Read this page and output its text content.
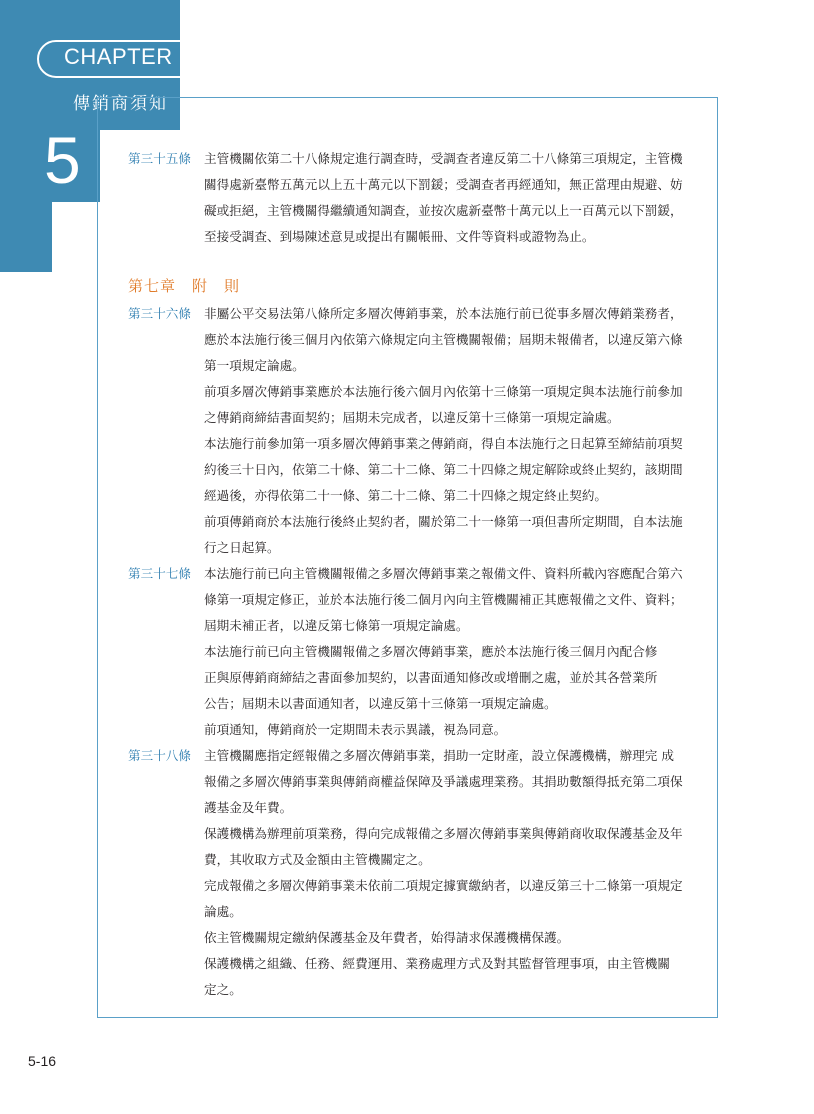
CHAPTER
傳銷商須知
5	第三十五條	主管機關依第二十八條規定進行調查時，受調查者違反第二十八條第三項規定，主管機
關得處新臺幣五萬元以上五十萬元以下罰鍰；受調查者再經通知，無正當理由規避、妨
礙或拒絕，主管機關得繼續通知調查，並按次處新臺幣十萬元以上一百萬元以下罰鍰，
至接受調查、到場陳述意見或提出有關帳冊、文件等資料或證物為止。

第七章　附　則
第三十六條	非屬公平交易法第八條所定多層次傳銷事業，於本法施行前已從事多層次傳銷業務者，
應於本法施行後三個月內依第六條規定向主管機關報備；屆期未報備者，以違反第六條
第一項規定論處。

前項多層次傳銷事業應於本法施行後六個月內依第十三條第一項規定與本法施行前參加
之傳銷商締結書面契約；屆期未完成者，以違反第十三條第一項規定論處。

本法施行前參加第一項多層次傳銷事業之傳銷商，得自本法施行之日起算至締結前項契
約後三十日內，依第二十條、第二十二條、第二十四條之規定解除或終止契約，該期間
經過後，亦得依第二十一條、第二十二條、第二十四條之規定終止契約。

前項傳銷商於本法施行後終止契約者，關於第二十一條第一項但書所定期間，自本法施
行之日起算。

第三十七條	本法施行前已向主管機關報備之多層次傳銷事業之報備文件、資料所載內容應配合第六
條第一項規定修正，並於本法施行後二個月內向主管機關補正其應報備之文件、資料；
屆期未補正者，以違反第七條第一項規定論處。

本法施行前已向主管機關報備之多層次傳銷事業，應於本法施行後三個月內配合修
正與原傳銷商締結之書面參加契約，以書面通知修改或增刪之處，並於其各營業所
公告；屆期未以書面通知者，以違反第十三條第一項規定論處。

前項通知，傳銷商於一定期間未表示異議，視為同意。

第三十八條	主管機關應指定經報備之多層次傳銷事業，捐助一定財產，設立保護機構，辦理完 成
報備之多層次傳銷事業與傳銷商權益保障及爭議處理業務。其捐助數額得抵充第二項保
護基金及年費。

保護機構為辦理前項業務，得向完成報備之多層次傳銷事業與傳銷商收取保護基金及年
費，其收取方式及金額由主管機關定之。

完成報備之多層次傳銷事業未依前二項規定據實繳納者，以違反第三十二條第一項規定
論處。

依主管機關規定繳納保護基金及年費者，始得請求保護機構保護。

保護機構之組織、任務、經費運用、業務處理方式及對其監督管理事項，由主管機關
定之。

5-16
